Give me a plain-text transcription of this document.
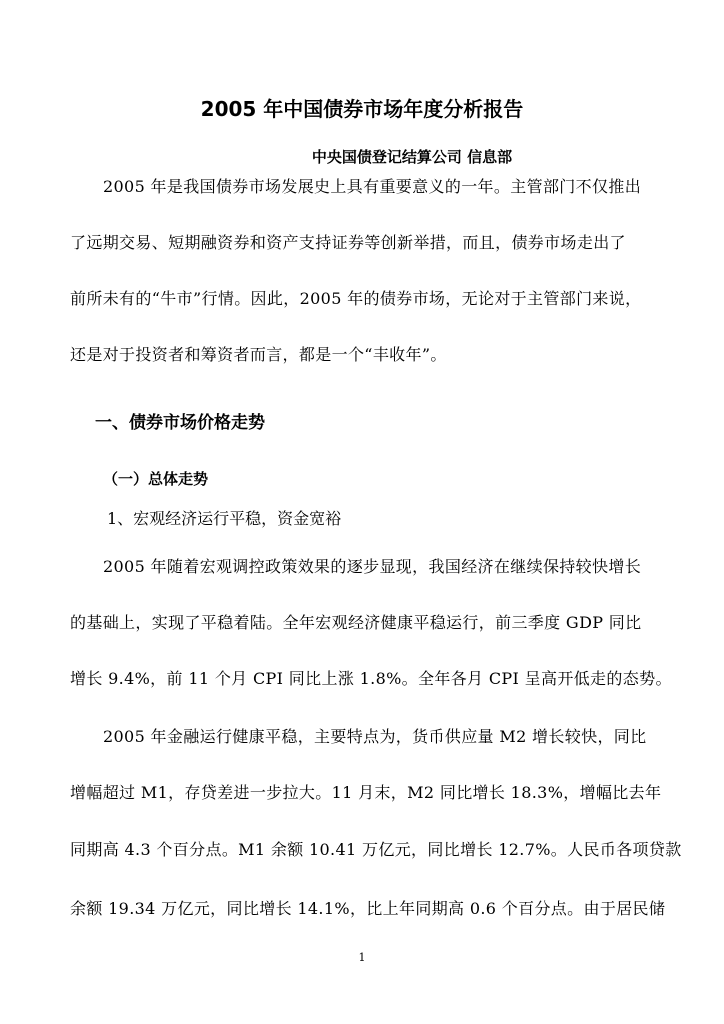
2005 年中国债券市场年度分析报告
中央国债登记结算公司 信息部
2005 年是我国债券市场发展史上具有重要意义的一年。主管部门不仅推出
了远期交易、短期融资券和资产支持证券等创新举措，而且，债券市场走出了
前所未有的“牛市”行情。因此，2005 年的债券市场，无论对于主管部门来说，
还是对于投资者和筹资者而言，都是一个“丰收年”。
一、债券市场价格走势
（一）总体走势
1、宏观经济运行平稳，资金宽裕
2005 年随着宏观调控政策效果的逐步显现，我国经济在继续保持较快增长
的基础上，实现了平稳着陆。全年宏观经济健康平稳运行，前三季度 GDP 同比
增长 9.4%，前 11 个月 CPI 同比上涨 1.8%。全年各月 CPI 呈高开低走的态势。
2005 年金融运行健康平稳，主要特点为，货币供应量 M2 增长较快，同比
增幅超过 M1，存贷差进一步拉大。11 月末，M2 同比增长 18.3%，增幅比去年
同期高 4.3 个百分点。M1 余额 10.41 万亿元，同比增长 12.7%。人民币各项贷款
余额 19.34 万亿元，同比增长 14.1%，比上年同期高 0.6 个百分点。由于居民储
1
